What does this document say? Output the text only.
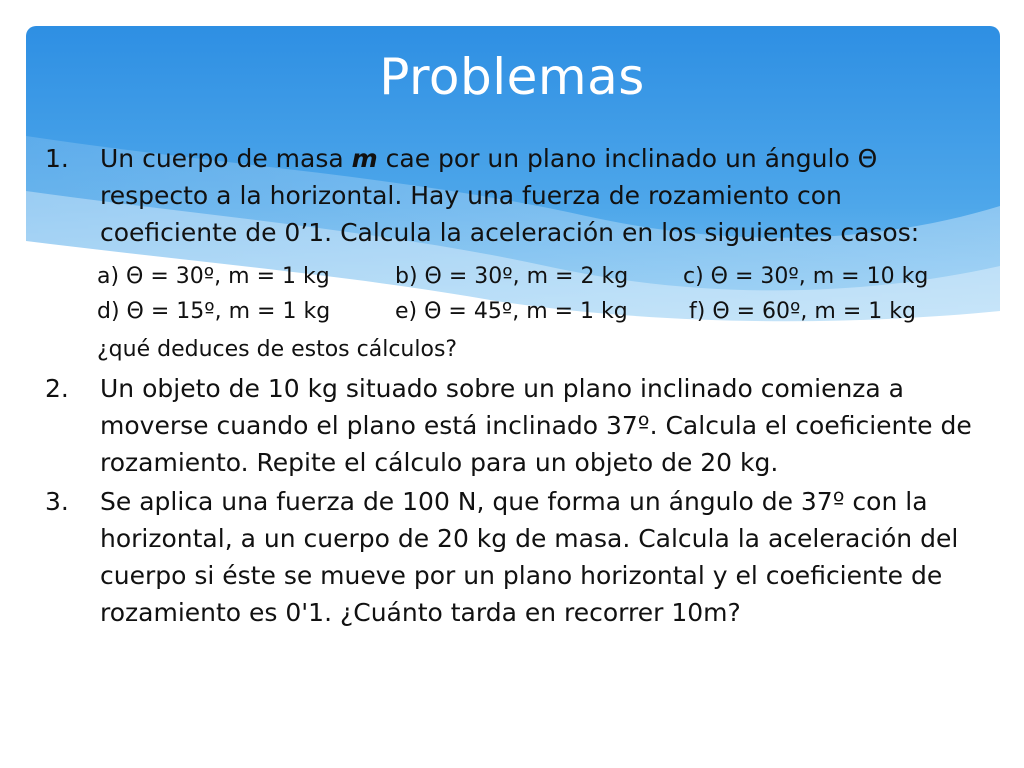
Problemas
1. Un cuerpo de masa m cae por un plano inclinado un ángulo Θ respecto a la horizontal. Hay una fuerza de rozamiento con coeficiente de 0’1. Calcula la aceleración en los siguientes casos:
a) Θ = 30º, m = 1 kg	b) Θ = 30º, m = 2 kg c) Θ = 30º, m = 10 kg
d) Θ = 15º, m = 1 kg	e) Θ = 45º, m = 1 kg	f) Θ = 60º, m = 1 kg
¿qué deduces de estos cálculos?
2. Un objeto de 10 kg situado sobre un plano inclinado comienza a moverse cuando el plano está inclinado 37º. Calcula el coeficiente de rozamiento. Repite el cálculo para un objeto de 20 kg.
3. Se aplica una fuerza de 100 N, que forma un ángulo de 37º con la horizontal, a un cuerpo de 20 kg de masa. Calcula la aceleración del cuerpo si éste se mueve por un plano horizontal y el coeficiente de rozamiento es 0'1. ¿Cuánto tarda en recorrer 10m?
